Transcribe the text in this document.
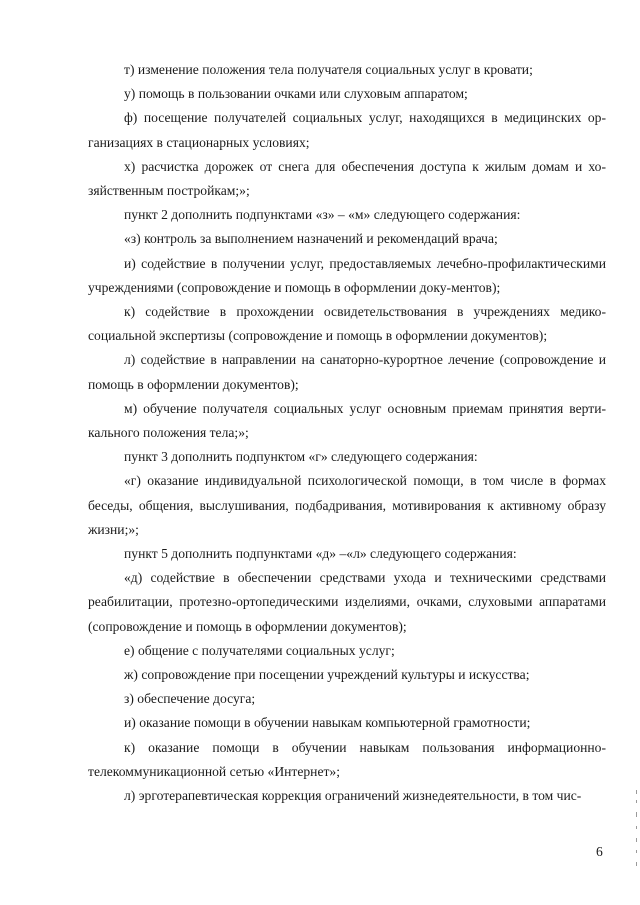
т) изменение положения тела получателя социальных услуг в кровати;

у) помощь в пользовании очками или слуховым аппаратом;

ф) посещение получателей социальных услуг, находящихся в медицинских ор-ганизациях в стационарных условиях;

х) расчистка дорожек от снега для обеспечения доступа к жилым домам и хо-зяйственным постройкам;»;

пункт 2 дополнить подпунктами «з» – «м» следующего содержания:

«з) контроль за выполнением назначений и рекомендаций врача;

и) содействие в получении услуг, предоставляемых лечебно-профилактическими учреждениями (сопровождение и помощь в оформлении доку-ментов);

к) содействие в прохождении освидетельствования в учреждениях медико-социальной экспертизы (сопровождение и помощь в оформлении документов);

л) содействие в направлении на санаторно-курортное лечение (сопровождение и помощь в оформлении документов);

м) обучение получателя социальных услуг основным приемам принятия верти-кального положения тела;»;

пункт 3 дополнить подпунктом «г» следующего содержания:

«г) оказание индивидуальной психологической помощи, в том числе в формах беседы, общения, выслушивания, подбадривания, мотивирования к активному образу жизни;»;

пункт 5 дополнить подпунктами «д» –«л» следующего содержания:

«д) содействие в обеспечении средствами ухода и техническими средствами реабилитации, протезно-ортопедическими изделиями, очками, слуховыми аппаратами (сопровождение и помощь в оформлении документов);

е) общение с получателями социальных услуг;

ж) сопровождение при посещении учреждений культуры и искусства;

з) обеспечение досуга;

и) оказание помощи в обучении навыкам компьютерной грамотности;

к) оказание помощи в обучении навыкам пользования информационно-телекоммуникационной сетью «Интернет»;

л) эрготерапевтическая коррекция ограничений жизнедеятельности, в том чис-

6
